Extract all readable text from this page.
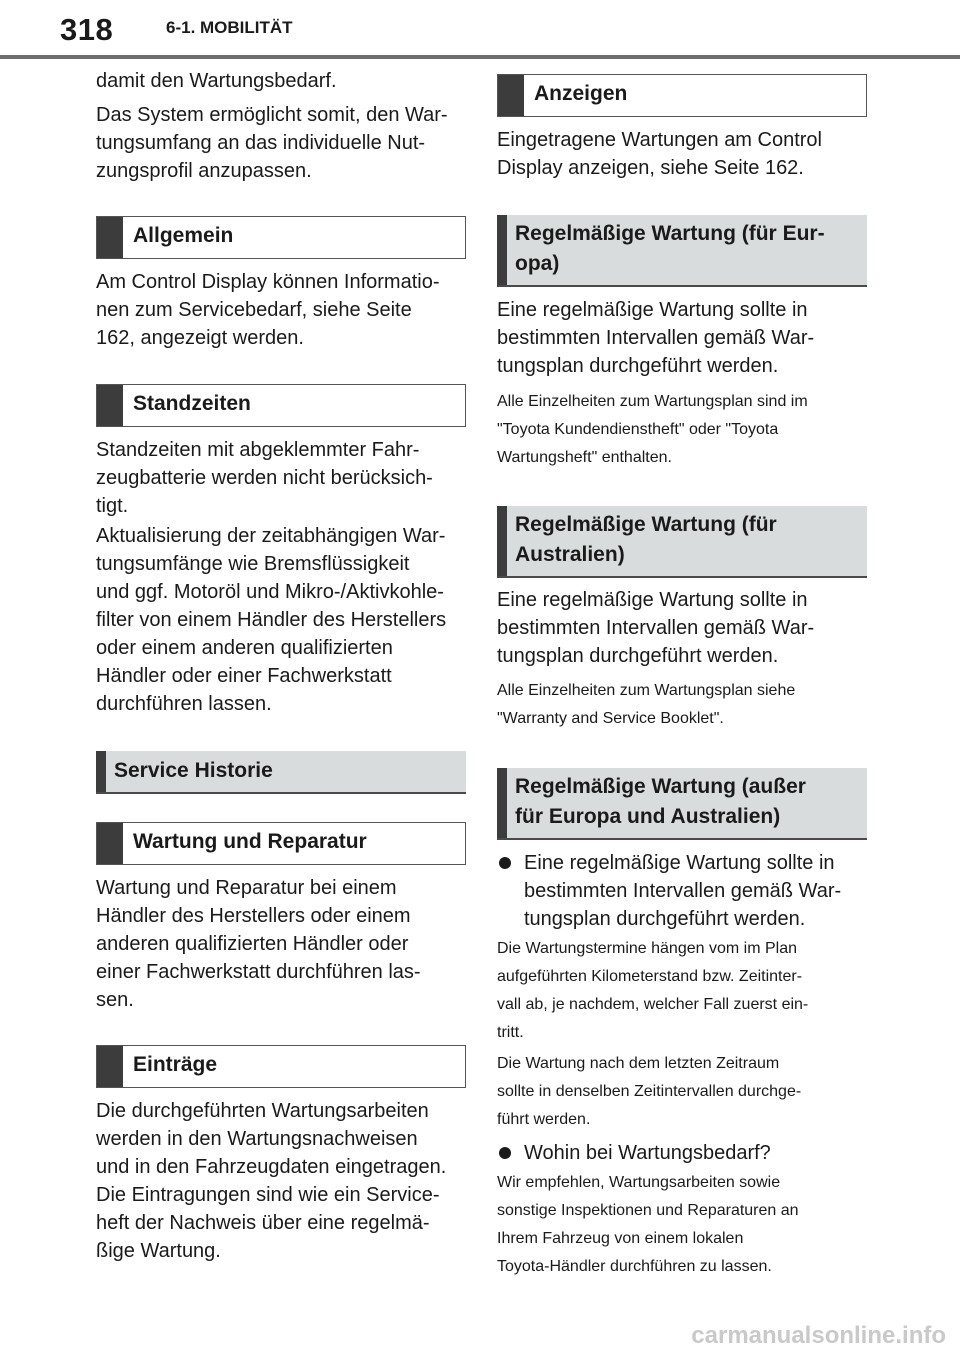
318	6-1. MOBILITÄT

damit den Wartungsbedarf.

Das System ermöglicht somit, den War-
tungsumfang an das individuelle Nut-
zungsprofil anzupassen.

Allgemein

Am Control Display können Informatio-
nen zum Servicebedarf, siehe Seite
162, angezeigt werden.

Standzeiten

Standzeiten mit abgeklemmter Fahr-
zeugbatterie werden nicht berücksich-
tigt.

Aktualisierung der zeitabhängigen War-
tungsumfänge wie Bremsflüssigkeit
und ggf. Motoröl und Mikro-/Aktivkohle-
filter von einem Händler des Herstellers
oder einem anderen qualifizierten
Händler oder einer Fachwerkstatt
durchführen lassen.

Service Historie
Wartung und Reparatur

Wartung und Reparatur bei einem
Händler des Herstellers oder einem
anderen qualifizierten Händler oder
einer Fachwerkstatt durchführen las-
sen.

Einträge

Die durchgeführten Wartungsarbeiten
werden in den Wartungsnachweisen
und in den Fahrzeugdaten eingetragen.
Die Eintragungen sind wie ein Service-
heft der Nachweis über eine regelmä-
ßige Wartung.

Anzeigen

Eingetragene Wartungen am Control
Display anzeigen, siehe Seite 162.

Regelmäßige Wartung (für Eur-
opa)

Eine regelmäßige Wartung sollte in
bestimmten Intervallen gemäß War-
tungsplan durchgeführt werden.

Alle Einzelheiten zum Wartungsplan sind im
"Toyota Kundendienstheft" oder "Toyota
Wartungsheft" enthalten.

Regelmäßige Wartung (für
Australien)

Eine regelmäßige Wartung sollte in
bestimmten Intervallen gemäß War-
tungsplan durchgeführt werden.

Alle Einzelheiten zum Wartungsplan siehe
"Warranty and Service Booklet".

Regelmäßige Wartung (außer
für Europa und Australien)

Eine regelmäßige Wartung sollte in
bestimmten Intervallen gemäß War-
tungsplan durchgeführt werden.

Die Wartungstermine hängen vom im Plan
aufgeführten Kilometerstand bzw. Zeitinter-
vall ab, je nachdem, welcher Fall zuerst ein-
tritt.

Die Wartung nach dem letzten Zeitraum
sollte in denselben Zeitintervallen durchge-
führt werden.

Wohin bei Wartungsbedarf?

Wir empfehlen, Wartungsarbeiten sowie
sonstige Inspektionen und Reparaturen an
Ihrem Fahrzeug von einem lokalen
Toyota-Händler durchführen zu lassen.

carmanualsonline.info
